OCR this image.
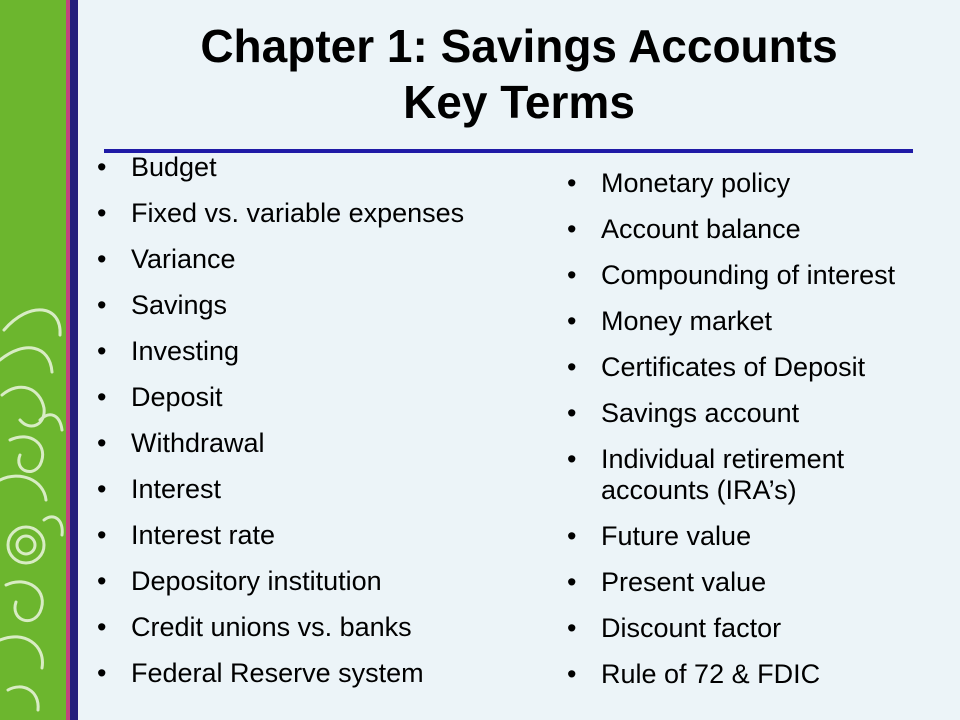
Chapter 1: Savings Accounts
Key Terms
• Budget
• Fixed vs. variable expenses
• Variance
• Savings
• Investing
• Deposit
• Withdrawal
• Interest
• Interest rate
• Depository institution
• Credit unions vs. banks
• Federal Reserve system
• Monetary policy
• Account balance
• Compounding of interest
• Money market
• Certificates of Deposit
• Savings account
• Individual retirement accounts (IRA’s)
• Future value
• Present value
• Discount factor
• Rule of 72 & FDIC
